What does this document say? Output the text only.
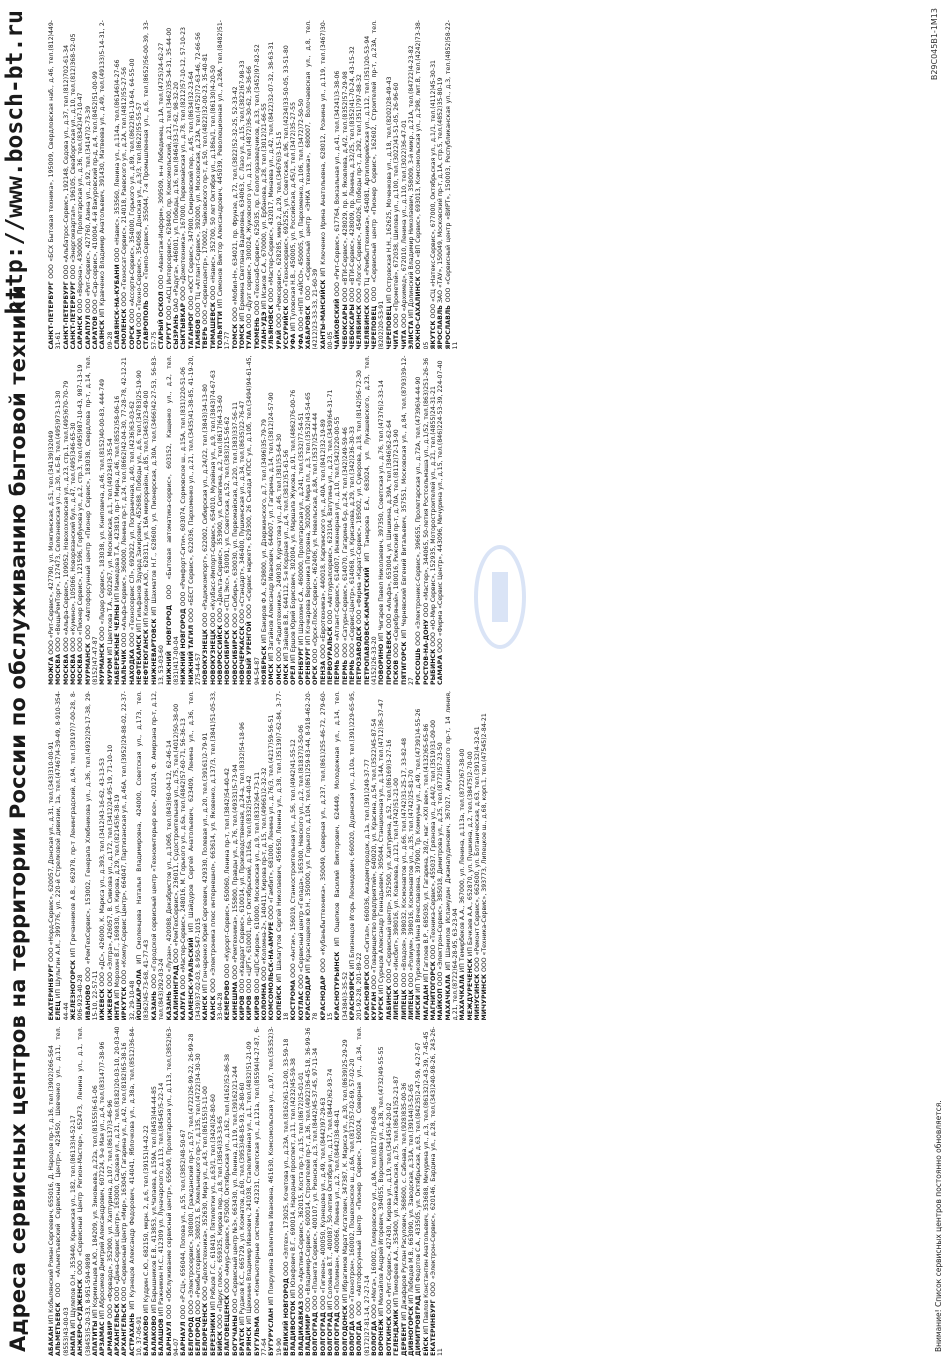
Адреса сервисных центров на территории России по обслуживанию бытовой техники
http://www.bosch-bt.ru
АБАКАН ИП Кобылянский Роман Сергеевич, 655016, Д. Народов пр-т, д.16, тел.(3902)266-564
АЛЬМЕТЬЕВСК ООО «Альметьевский Сервисный Центр», 423450, Шевченко ул., д.11, тел.(8553)43-00-03 АНАПА ИП Щулепов О.Н., 353440, Крымская ул., 182, тел.(86133)4-52-17 АНЖЕРО-СУДЖЕНСК ООО «Сервисный Центр Регион-Мастер», 652473, Ленина ул., д.1, тел.(38453)5-20-33, 8-951-594-9898 АПАТИТЫ ИП Кормильцев А.Ю., 184209, ул. Зиновьева, д.22а, тел.(81555)6-61-06
АРЗАМАС ИП Абросимов Дмитрий Александрович, 607224, 9-е Мая ул., д.4, тел.(83147)7-38-96
АРМАВИР ООО «Форвард», 352900, ул. Халтурина, д.107, тел.(86137)3-46-96
АРХАНГЕЛЬСК ООО «Дина-Сервис Центр», 163000, Садовая ул., д.21, тел.(8182)20-03-10, 20-03-40
АРХАНГЕЛЬСК ООО «Сервисный Центр «Мир», 163045, Гагарина ул., д.42, тел.(8182)65-38-16
АСТРАХАНЬ ИП Кузнецов Александр Федорович, 414041, Яблочкова ул., д.38а, тел.(8512)36-84-10, 37-06-91 БАЛАКОВО ИП Кудрин С.Ю., 682150, мкрн. 2, д.6, тел.(39151)4-42-22
БАЛАКОВО ИП Барышников Е.В., 413853, ул.Чапаева, д.159А, тел.(8453)44-44-85
БАЛАШОВ ИП Ражникин Н.С., 412309 ул. Луначарского, д.113, тел.(84545)5-22-14
БАРНАУЛ ООО «Обслуживание сервисный центр», 656049, Пролетарская ул., д.113, тел.(3852)63-94-07 БАРНАУЛ ООО «Р-СЦ», 656044, Попова ул., д.55, тел.(3852)48-50-67
БЕЛГОРОД ООО «Электросервис», 308000, Гражданский пр-т, д.57, тел.(4722)26-99-22, 26-99-28
БЕЛГОРОД ООО «Рембытсервис», 308023, Б. Хмельницкого пр-т, д.135, тел.(4722)34-30-30
БЕЛОРЕЧЕНСК ООО «Делостехника», 352630, Мира ул., д.43, тел.(86155)3-11-00
БЕРЕЗНИКИ ИП Рябцов Г.С., 618419, Пятилетки ул., д.63/1, тел.(3424)26-80-60
БИЙСК ООО «Парус плюс», 659325, Кирова пер., д.8, тел.(3854)33-33-65 БЛАГОВЕЩЕНСК ООО «Амур-Сервис», 675000, Октябрьская ул., д.162, тел.(4162)52-86-38
БОГУЧАНЫ ООО «Сервисный центр №3», 663430, ул. Ленина, д.119, тел.(39162)21-244
БРАТСК ИП Рудаков К.С., 665729, ул. Кооматов, д.60, тел.(3953)48-85-93, 26-80-60
БРЯНСК ИП Щекинин Владимир Иванович, 241038, Сталелитейная ул., д.1, тел.(4832)51-21-09
БУГУЛЬМА ООО «Компьютерные системы», 423231, Советская ул., д.121а, тел.(85594)4-27-87, 6-77-64 БУГУРУСЛАН ИП Покрулина Валентина Ивановна, 461630, Комсомольская ул., д.97, тел.(35352)3-19-90 ВЕЛИКИЙ НОВГОРОД ООО «Элтех», 173025, Кочетова ул., д.23А, тел.(8162)61-12-00, 33-59-18
ВЛАДИВОСТОК ИП Юзефович В.Г., 690014, Народный проспект, д.11, тел.(4232)45-59-38
ВЛАДИКАВКАЗ ООО «Арктика-Сервис», 362015, Коста пр-т, д.15, тел.(8672)25-01-01
ВЛАДИМИР ООО «Владимир-Сервис», 600014, Строителей пр-т, д.36, тел.(4922)36-45-18, 36-99-36
ВОЛГОГРАД ООО «Планета Сервис», 400107, ул. Рионская, д.3, тел.(8442)45-37-45, 97-11-34
ВОЛГОГРАД ООО «Гигиена», 400050, Кузнецова ул., д.49, тел.(8442)97-29-63
ВОЛГОГРАД ИП Соловьев В.Т., 400087, 50-летия Октября ул., д.17, тел.(8442)62-93-74
ВОЛГОГРАД ООО «Полиман», 400066, Ленина ул., д.2, тел.(8442)38-48-41
ВОЛГОДОНСК ИП Ибрагимов Марат Асгатович, 347387, К. Маркса ул., д.30, тел.(8639)25-29-29
ВОЛОГДА ООО «Технотрон», 160002, Пошехонское ш., д.6А, тел.(8172)57-02-69, 57-02-20
ВОЛОГДА ООО «Автофорсунный Центр «Пионер Сервис», 160024, Северная ул., д.34, тел.(8172)27-81-14, 27-27-14 ВОЛОГДА ООО «Мега», 160002, Гиляровского ул., д.8А, тел.(8172)76-60-06
ВОРОНЕЖ ИП Михайлов Андрей Игоревич, 394055, Ворошилова ул., д.38, тел.(4732)49-55-55
ВОТКИНСК ООО «Рит-Сервис», 427430, Кирова ул., д.19, тел.(34145)4-20-02
ГЕЛЕНДЖИК ИП Тимофеев А.А., 353400, ул. Ханкальская, д.75, тел.(86141)52-21-87
ДЕРБЕНТ ИП Джафаров Руслан Расулович, 368600, с. Сабнава, тел.(928)835-00-36
ДИВНОГОРСК ИП Лебедев М.В., 663090, ул. Заводская, д.31А, тел.(39144)3-52-65
ДИМИТРОВГРАД ИП Федотов С.А., 433505, ул. Октябрьская, д.63, тел.(84235)2-47-59, 4-27-67
ЕЙСК ИП Павлов Константин Анатольевич, 353688, Мичурина ул., д.3, тел.(86132)2-43-39, 7-45-45 ЕКАТЕРИНБУРГ ООО «Электрон-Сервис», 620146, Бардина ул., д.28, тел.(343)240-98-26, 243-26-11
ЕКАТЕРИНБУРГ ООО «Норд-Сервис», 620057, Донская ул., д.31, тел.(343)310-00-91
ЕЛЕЦ ИП Шульгин А.И., 399776, ул. 220-й Стрелковой дивизии, 1а, тел.(47467)4-39-49, 8-910-354-44-44 ЖЕЛЕЗНОГОРСК ИП Гречанников А.В., 662978, пр-т Ленинградский, д.94, тел.(39197)7-00-28, 8-906-923-40-28 ИВАНОВО ООО «РемТехСервис», 153002, Генерала Хлебникова ул., д.36, тел.(4932)29-17-38, 29-15-10, 22-57-11 ИЖЕВСК ООО «ДС», 426000, К. Маркса ул., д.393, тел.(3412)43-16-62, 43-13-53
ИЖЕВСК ООО «Элтра», 426057, В. Сивкова ул., д.172, тел.(3412)24-95-19, 71-10-10
ИНТА ИП Морохин В.Г., 169830, ул. Кирова, д.29, тел.(82145)6-38-19
ИРКУТСК ООО «Компу-Сервис Центр», 664047, Партизанская ул., д.46А, тел.(3952)29-88-02, 22-37-32, 29-10-48 ЙОШКАР-ОЛА ИП Смоленцева Наталья Владимировна, 424000, Советская ул., д.173, тел.(8362)45-73-68, 41-77-43 КАЗАНЬ ООО «Городской сервисный центр «Техноинтерьер все», 420124, Ф. Амирхана пр-т, д.12, тел.(843)292-03-24 КАЗАНЬ ООО «Лузан», 420088, Декабристов ул., д.106б, тел.(843)60-04-12, 62-46-14
КАЛИНИНГРАД ООО «РемТехСервис», 236011, Судостроительная ул., д.75, тел.(4012)50-38-00
КАЛУГА ООО «Мастер-Сервис», 248016, М. Горького ул., д.6а, тел.(4842)57-60-71, 56-36-13 КАМЕНСК-УРАЛЬСКИЙ ИП Шайдуров Сергей Анатольевич, 623409, Ленина ул., д.36, тел.(3439)37-02-03, 8-950-547-1015 КАНСК ИП Гончаренко Юрий Сергеевич, 429330, Полевая ул., д.20, тел.(39161)2-79-91
КАНСК ООО «Электроника плюс интернешнл», 663614, ул. Яковенко, д.137/3, тел.(3841)51-05-33, 33-04-28 КЕМЕРОВО ООО «Курорт-Сервис», 650060, Ленина пр-т, тел.(3842)54-40-42
КИНЕШМА ООО «Ремтехника», 155800, Правды ул., д.76, тел.(49331)5-73-94
КИРОВ ООО «Квадрат Сервис», 610014, ул. Производственная, д.24-а, тел.(8332)54-18-96
КИРОВ ООО «ЦРТ», 610001, пр-т Октябрьский, д.116а, тел.(8332)54-40-42
КИРОВ ООО «ЦПС-Киров», 610000, Московская ул., д.9, тел.(8332)64-73-11
КОЛОМНА ООО «Коломна-2», 140411, Кирова пр-т, д.15, тел.(49661)2-32-32 КОМСОМОЛЬСК-НА-АМУРЕ ООО «Гамбит», 681000, Ленина ул., д.76/3, тел.(4217)59-56-51
КОПЕЙСК ИП Шалагутов Сергей Николаевич, 456650, Ленина ул., д.38, тел.(35139)7-62-84, 3-77-18 КОСТРОМА ООО «Антэк», 156019, Станкостроительная ул., д.56, тел.(4942)41-55-12
КОТЛАС ООО «Сервисный центр «Гелада», 165300, Невского ул., д.2, тел.(81837)2-50-06
КРАСНОДАР ИП Краснощеков Ю.Н., 350000, ул. Горького, д.104, тел.(861)259-83-44, 8-918-462-20-78 КРАСНОДАР ООО «Кубаньбыттехника», 350049, Северная ул., д.237, тел.(861)255-46-72, 279-60-15 КРАСНОТУРЬИНСК ИП Ощепков Василий Викторович, 624449, Молодежная ул., д.14, тел.(34384)3-35-52 КРАСНОЯРСК ИП Близнецов Игорь Леонидович, 660020, Дудинская ул., д.10а, тел.(391)229-65-95, 201-92-28, 201-89-22 КРАСНОЯРСК ООО «Ситал», 660036, Академгородок, д.1а, тел.(391)249-37-77
КУРГАН ООО «Товарищество предприятий», 640020, ул. Красина, д.54, тел.(3522)45-87-54
КУРСК ИП Сурнцов Александр Геннадьевич, 305044, Станционная ул., д.14А, тел.(4712)36-37-47
ЛАБИНСК ООО «Сервисный центр», 352500, ул. Халтурина, д.52, тел.(86169)3-27-16
ЛИПЕЦК ООО «Инсбит», 398016, ул. Ковалева, д.121, тел.(4742)51-21-00
ЛИПЕЦК ООО «Владоя», 398032, Космонавтов ул., д.66, тел.(4742)31-25-17, 33-82-48
ЛИПЕЦК ООО «Ролиум», 398016, Космонавтов ул., д.35, тел.(4742)25-81-70
ЛИСКИ ИП Турковнина Инна Вячеславовна, 397900, Тр. Коммуны ул., д.49, тел.(47391)4-55-26
МАГАДАН ИП Гаглоев В.Р., 685030, ул. Гагарина, 28/2, маг. «ХХI век», тел.(4132)65-65-86
МАГНИТОГОРСК ООО «Техника-Сервис», 455037, Грязнова ул., д.44/2, тел.(3519)31-09-00
МАЙКОП ООО «Электрон-Сервис», 385018, Димитрова ул., д.25, тел.(8772)57-23-50
МАХАЧКАЛА ИП Шамилов Исламудин Джамалудинович, 367027, Акушинского пр-т, 14 линия, д.21, тел.(8722)64-28-95, 63-23-94 МАХАЧКАЛА ИП Темирбеков А.А., 367000, ул. Ленина, д.113а, тел.(8722)67-38-00
МЕЖДУРЕЧЕНСК ИП Бачкаев А.А., 652870, ул. Пушкина, д.2, тел.(38475)2-70-00
МИНУСИНСК ООО «Ремонт Сервис», 662600, ул. Ботаническая, д.63, тел.(39132)4-32-61
МИЧУРИНСК ООО «Техника-Сервис», 393773, Липецкое ш., д.68, корп.1, тел.(47545)2-84-21
МОЖГА ООО «Рит-Сервис», 427790, ул. Можгинская, д.51, тел.(34139)32049
МОСКВА ООО «ВещьРемТорг», 127473, Селезневская ул., д.30, к.Б-В, тел.(495)973-13-30
МОСКВА ООО «Альфа-Сервис», 109052, Новохохловская ул., д.23, стр.1, тел.(495)670-70-79
МОСКВА ООО «Кумино», 105066, Новорязанский бул., д.47, тел.(495)346-65-30
МОСКВА ООО «Пионер Сервис», 121596, Горбунова ул., д.2, стр.3, тел.(495)987-10-43, 987-13-19
МУРМАНСК ООО «Автофорсунный центр «Пионер Сервис», 183038, Свердлова пр-т, д.14, тел.(8152)47-47-87 МУРМАНСК ООО «Лидер Сервис», 183038, ул. Книповича, д.46, тел.(8152)40-00-83, 444-749
МУРОМ ИП Цветкова Т.А., 602267, ул. Московская, д.1, тел.(49234)3-35-54 НАБЕРЕЖНЫЕ ЧЕЛНЫ ИП Мамедова Т.А., 423819, пр-т Мира, д.46, тел.(8552)58-06-16
НАЛЬЧИК ООО «Альфа-Сервис», 360000, Ленина пр-т, д.24, тел.(8662)42-04-30, 77-28-78, 42-12-21
НАХОДКА ООО «Техносервис СЛ», 692922, ул. Пограничная, д.40, тел.(4236)63-03-62
НЕФТЕКАМСК ИП Гильфанов Эдуард Закирович, 452688, Победы ул., д.6, тел.(34783)25-19-90
НЕФТЕЮГАНСК ИП Кокорин А.Ю., 628311, ул. 16А микрорайон, д.85, тел.(3463)23-49-00
НИЖНЕВАРТОВСК ИП Шахматов Н.Г., 628600, ул. Пионерская, д.30А, тел.(3466)42-27-53, 56-83-13, 53-03-60 НИЖНИЙ НОВГОРОД ООО «Бытовая автоматика-сервис», 603152, Кащенко ул., д.2, тел.(831)417-00-04 НИЖНИЙ НОВГОРОД ООО «Ремфорт-Сити», 603074, Сормовское ш., д.15А, тел.(831)220-51-06
НИЖНИЙ ТАГИЛ ООО «БЕСТ Сервис», 622036, Пархоменко ул., д.21, тел.(3435)41-38-85, 41-19-20, 275-44-57 НОВОКУЗНЕЦК ООО «Радиокомпорт», 622002, Сибирская ул., д.24/22, тел.(3843)34-13-80
НОВОКУЗНЕЦК ООО «Кузбасс-Импорт-Сервис», 654010, Музейная ул., д.9, тел.(3843)74-67-63
НОВОРОССИЙСК ООО «Дельта-Сервис», 353900, ул. Сипягина, д.2, тел.(8617)64-33-60
НОВОСИБИРСК ООО «СТЦ Экс», 630091, ул. Советская, д.52, тел.(383)215-56-62
НОВОСИБИРСК ООО «Сибирь», 630030, ул. Первомайская, д.220, тел.(383)337-56-11
НОВОЧЕРКАССК ООО «Стандарт», 346400, Пушкинская ул., д.34, тел.(8635)22-76-47
НОВЫЙ УРЕНГОЙ ООО «Сервис маркет», 629300, 26 Съезда КПСС ул., д.10б, тел.(3494)94-61-45, 94-54-87 НОЯБРЬСК ИП Бакиров Ф.А., 629800, ул. Дзержинского, д.7, тел.(3496)35-79-79
ОМСК ИП Загайнов Александр Иванович, 644007, ул. Гагарина, д.14, тел.(3812)24-57-90
ОМСК ООО «Радиотехника», 249030, Курчатова ул., д.46, тел.(381)53-64-30
ОМСК ИП Зайцев В.В., 644112, 5-я Кордная ул., д.4, тел.(3812)51-61-56
ОРЕЛ ИП Ершов Юрий Борисович, 302004, ул. Маршала Жукова, д.91, тел.(4862)76-00-76
ОРЕНБУРГ ИП Шарохин С.А., 460000, Пролетарская ул., д.241, тел.(3532)77-54-51
ОРЕНБУРГ ИП Кочкарева Вероника Петровна, 302000, Мира пл., д.3, тел.(3532)43-54-65
ОРСК ООО «Орск-Плюс-Сервис», 462406, ул. Невельская, д.8А, тел.(3537)25-44-44
ПЕНЗА ООО «Евротехника», 440018, Карпинского ул., д.40А, тел.(8412)32-19-89 ПЕРВОУРАЛЬСК ООО «Автоуралсервис», 623104, Ватутина ул., д.23, тел.(3439)64-31-71
ПЕРМЬ ООО «Атлант-Сервис», 614007, Инженерная ул., д.10, тел.(342)220-00-55
ПЕРМЬ ООО «Сатурн-Сервис», 614070, Гагарина б-р, д.24, тел.(342)249-59-46
ПЕРМЬ ООО «Сервис-Центр», 614068, ул. Крисанова, д.29, тел.(342)236-30-33 ПЕТРОЗАВОДСК ООО «Фирма «Карат-Сервис», 185002, ул. Суворова, д.18, тел.(8142)56-72-30
ПЕТРОПАВЛОВСК-КАМЧАТСКИЙ ИП Тамарова Е.А., 683024, ул. Лукашевского, д.23, тел.(4152)26-33-20 ПОВОРИНО ИП Чигарев Павел Николаевич, 397350, Советская ул., д.76, тел.(47376)2-33-14
ПРОКОПЬЕВСК ООО «Альфа», 653004, ул. Шишкина, д.39А, тел.(3846)62-62-64
ПСКОВ ООО «Серебряный», 180016, Рижский пр-т, д.70А, тел.(8112)72-13-90
ПЯТИГОРСК ИП Чернявский Евгений Витальевич, 357551, Московская ул., д.84, тел.(8793)39-12-27 РОССОШЬ ООО «Электроникс-Сервис», 396655, Пролетарская ул., д.72А, тел.(47396)4-44-90
РОСТОВ-НА-ДОНУ ООО «Мастер», 344065, 50-летия Ростсельмаша ул., д.1/52, тел.(863)251-26-36
РЫБИНСК ООО «Ю-Мир Сервис», 152935, Моторостроителей ул., д.21, тел.(4855)24-31-21
САМАРА ООО «Фирма «Сервис Центр», 443096, Мичурина ул., д.15, тел.(846)224-53-39, 224-07-40
САНКТ-ПЕТЕРБУРГ ООО «БСХ Бытовая техника», 195009, Свердловская наб., д.46, тел.(812)449-31-61 САНКТ-ПЕТЕРБУРГ ООО «Альбатрос-Сервис», 192148, Седова ул., д.37, тел.(812)702-61-34
САНКТ-ПЕТЕРБУРГ ООО «Энергоквартал», 196105, Свеаборгская ул., д.10, тел.(812)368-52-05
САРАНСК ООО «Верона», 430000, Пролетарская ул., д.36, тел.(8342)47-10-47
САРАПУЛ ООО «Рит-Сервис», 427760, Азина ул., д.92, тел.(34147)2-73-39
САРАТОВ ООО «Сар-сервис», 410004, 4-й Вакуровский пр-д, д.4, тел.(8452)51-00-99
САЯНСК ИП Кравченко Владимир Анатольевич, 391430, Матвеева ул., д.49, тел.(49133)5-14-31, 2-09-28 СЛАВЯНСК-НА-КУБАНИ ООО «Навис», 353560, Ленина ул., д.114а, тел.(86146)4-27-66
СМОЛЕНСК ООО «Техносат-Сервис», 214018, Раевского ул., д.2А, тел.(4812)55-27-56
СОРСК ООО «Ассорти-Сервис», 354000, Горького ул., д.89, тел.(8622)61-19-64, 64-55-00
СОЧИ ООО «Техно-Сервис», 354068, Донская ул., д.3/3, тел.(8622)55-55-57 СТАВРОПОЛЬ ООО «Темпо-Сервис», 355044, 7-я Промышленная ул., д.6, тел.(8652)56-00-39, 33-57-75 СТАРЫЙ ОСКОЛ ООО «Авантаж-Информ», 309509, м-н Лебединец, д.1А, тел.(4725)24-62-27
СУРГУТ ООО «АСЦ Интерсервис», 628400, пр. Комсомольский, д.21, тел.(3462)35-34-31, 35-44-00
СЫЗРАНЬ ОАО «Радуга», 446001, ул. Победы, д.16, тел.(8464)33-17-62, 98-32-20
СЫКТЫВКАР ООО «Домотехника», 167000, Первомайская ул., д.78, тел.(8212)57-10-12, 57-10-23
ТАГАНРОГ ООО «ЮСТ Сервис», 347900, Смирновский пер., д.45, тел.(8634)32-23-64
ТАМБОВ ООО ТЦ «Атлант-Сервис», 392000, ул. Московская, д.23А, тел.(4752)72-63-46, 72-66-56
ТВЕРЬ ООО «Сервисцентр», 170002, Чайковского пр-т, д.50, тел.(4822)32-00-23, 35-40-81
ТИМАШЕВСК ООО «Навис», 352700, 50 лет Октября ул., д.186а/1, тел.(86130)4-20-50
ТОЛЬЯТТИ ИП Симонов Виктор Александрович, 445039, Революционная ул., д.28А, тел.(8482)51-17-77 ТОМСК ООО «Мобил-Н», 634021, пр. Фрунзе, д.72, тел.(3822)52-32-25, 52-33-42
ТОМСК ИП Еремина Светлана Вадимовна, 634063, С. Лазо ул., д.15, тел.(3822)67-98-33
ТУЛА ООО «Дуэт сервис», 300024, Жуковского ул., д.13, тел.(4872)36-30-62, 36-36-66
ТЮМЕНЬ ООО «Техснаб-Сервис», 625035, пр. Геологоразведчиков, д.33, тел.(3452)97-82-52
УЛАН-УДЭ ИП Исаков С.А., 670000, ул. Ербанова, д.28, тел.(3012)21-66-55
УЛЬЯНОВСК ООО «Мастер-Сервис», 432017, Минаева ул., д.42, тел.(8422)32-07-32, 38-63-31
УРАЙ ООО «Ремсервис», 628285, микр.2, д.29, тел.(34676)3-15-15 УССУРИЙСК ООО «Техносервис», 692525, ул. Советская, д.96, тел.(4234)33-50-05, 33-51-80
УФА ИП Туловская Н.В., 450005, ул. Российская, д.45/1, тел.(3472)35-27-55
УФА ООО «НПП «АЙСО», 450005, ул. Пархоменко, д.106, тел.(3472)72-50-50 ХАБАРОВСК ООО «Сервисный центр «ЭНКА техника», 680007, Волочаевская ул., д.8, тел.(4212)23-33-33, 21-60-39 ХАНТЫ-МАНСИЙСК ИП Ключенко Ирина Анатольевна, 628012, Рознина ул., д.119, тел.(3467)30-00-05 ЧАЙКОВСКИЙ ООО «Рит-Сервис», 617764, Вокзальная ул., д.41, тел.(34241)3-38-06
ЧЕБОКСАРЫ ООО «ВТИ-Сервис», 428029, пр. И. Яковлева, д.4/2, тел.(8352)57-29-98
ЧЕБОКСАРЫ ООО «ВТИ-Сервис», 428009, пр. Ленина, д.32/25, тел.(8352)41-70-24, 43-15-32
ЧЕЛЯБИНСК ООО «Логос-Сервис», 454026, Победы пр-т, д.292, тел.(351)797-88-32
ЧЕЛЯБИНСК ООО ТЦ «Рембыттехника», 454081, Артиллерийская ул., д.112, тел.(351)20-53-94
ЧЕРЕПОВЕЦ ООО «Сервисный центр «Пионер Сервис», 162602, Строителей пр-т, д.23А, тел.(8202)20-53-91 ЧЕРЕПОВЕЦ ИП Островская Н.Н., 162625, Моченкова ул., д.18, тел.(8202)28-49-43
ЧИТА ООО «Прометей», 672038, Шилова ул., д.100, тел.(3022)41-51-05, 26-96-60
ЧИТА ООО «Архимед», 672010, Ленина ул., д.110, тел.(3022)36-47-01
ЭЛИСТА ИП Долинский Владимир Николаевич, 358009, 3-й микр., д.21А, тел.(84722)4-23-82 ЮЖНО-САХАЛИНСК ООО «ВП Сервис», 693013, Комсомольская ул., д.298, лит.В, тел.(4242)73-38-05 ЯКУТСК ООО «СЦ «Натекс-Сервис», 677000, Октябрьская ул., д.1/1, тел.(4112)45-30-31
ЯРОСЛАВЛЬ ЗАО «ТАУ», 150049, Московский пр-т, д.1А, стр.5, тел.(4852)35-80-19
ЯРОСЛАВЛЬ ООО «Сервисный центр «ВИРТ», 150003, Республиканская ул., д.3, тел.(4852)58-22-11
Внимание! Список сервисных центров постоянно обновляется.
B29C045B1-1M13
